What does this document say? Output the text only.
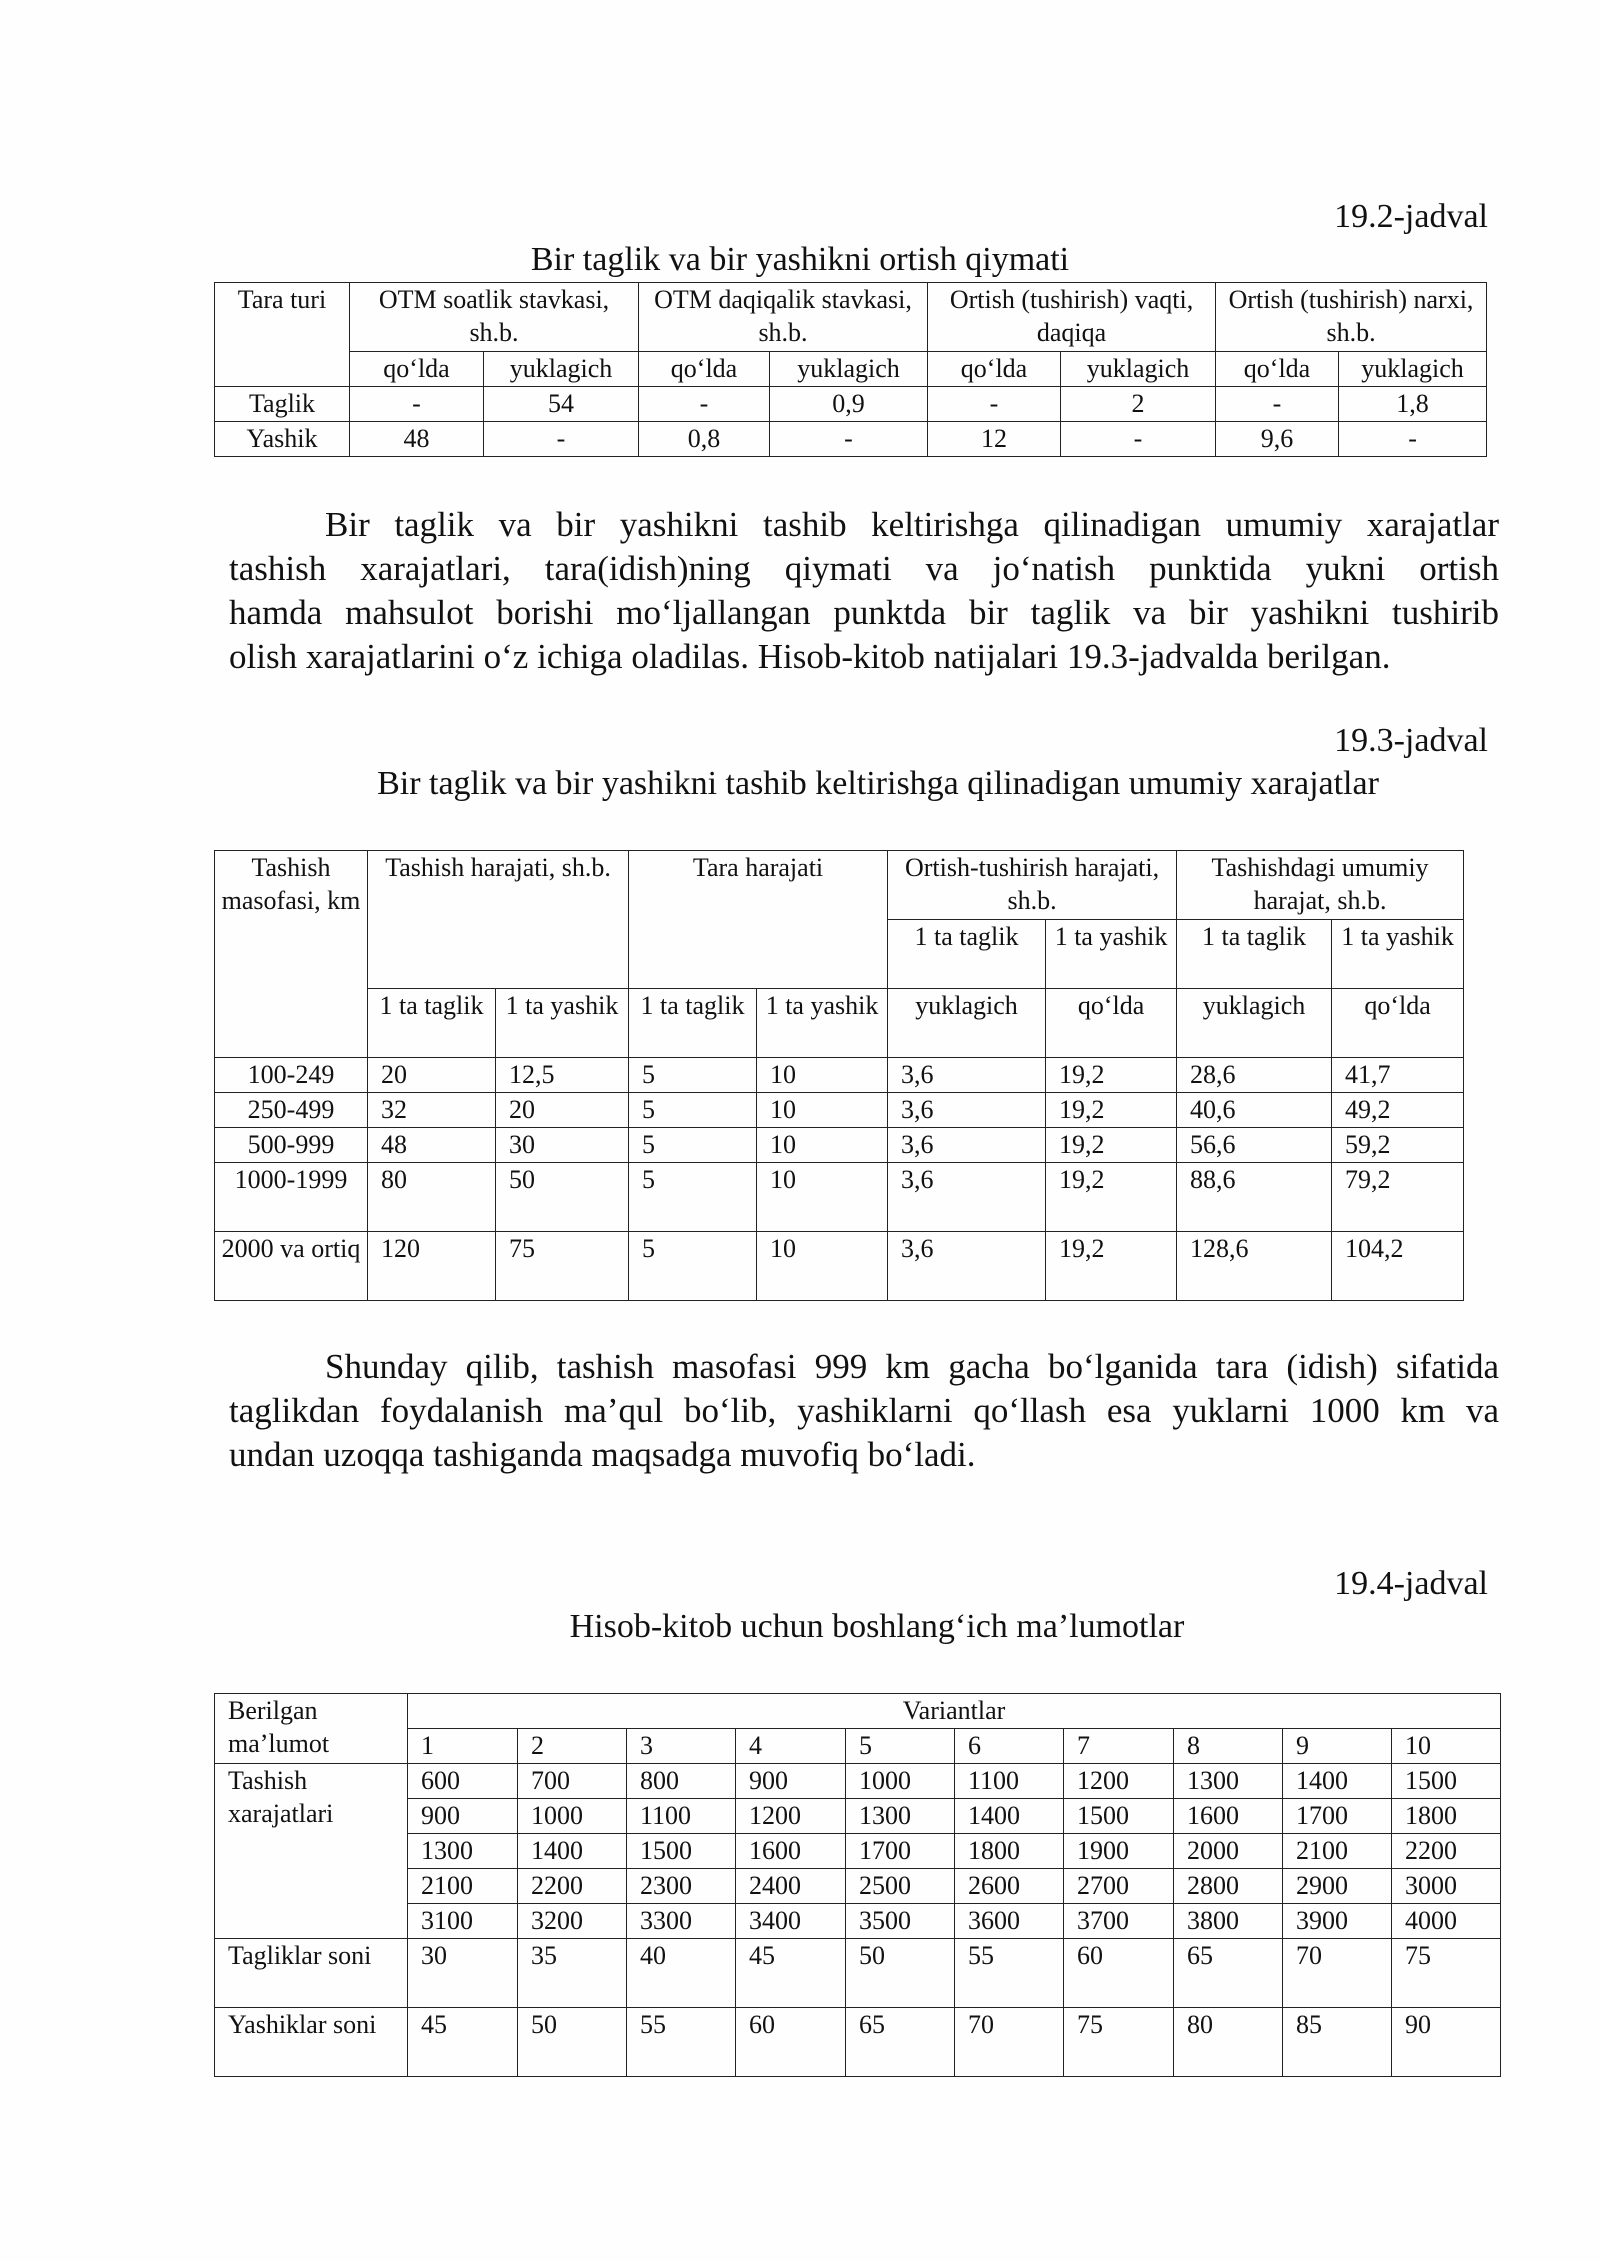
19.2-jadval
Bir taglik va bir yashikni ortish qiymati
Tara turi	OTM soatlik stavkasi, sh.b.		OTM daqiqalik stavkasi, sh.b.		Ortish (tushirish) vaqti, daqiqa		Ortish (tushirish) narxi, sh.b.	
	qo‘lda	yuklagich	qo‘lda	yuklagich	qo‘lda	yuklagich	qo‘lda	yuklagich
Taglik	-	54	-	0,9	-	2	-	1,8
Yashik	48	-	0,8	-	12	-	9,6	-
Bir taglik va bir yashikni tashib keltirishga qilinadigan umumiy xarajatlar
tashish xarajatlari, tara(idish)ning qiymati va jo‘natish punktida yukni ortish
hamda mahsulot borishi mo‘ljallangan punktda bir taglik va bir yashikni tushirib
olish xarajatlarini o‘z ichiga oladilas. Hisob-kitob natijalari 19.3-jadvalda berilgan.
19.3-jadval
Bir taglik va bir yashikni tashib keltirishga qilinadigan umumiy xarajatlar
Tashish masofasi, km	Tashish harajati, sh.b.		Tara harajati		Ortish-tushirish harajati, sh.b.		Tashishdagi umumiy harajat, sh.b.	
					1 ta taglik	1 ta yashik	1 ta taglik	1 ta yashik
	1 ta taglik	1 ta yashik	1 ta taglik	1 ta yashik	yuklagich	qo‘lda	yuklagich	qo‘lda
100-249	20	12,5	5	10	3,6	19,2	28,6	41,7
250-499	32	20	5	10	3,6	19,2	40,6	49,2
500-999	48	30	5	10	3,6	19,2	56,6	59,2
1000-1999	80	50	5	10	3,6	19,2	88,6	79,2
2000 va ortiq	120	75	5	10	3,6	19,2	128,6	104,2
Shunday qilib, tashish masofasi 999 km gacha bo‘lganida tara (idish) sifatida
taglikdan foydalanish ma’qul bo‘lib, yashiklarni qo‘llash esa yuklarni 1000 km va
undan uzoqqa tashiganda maqsadga muvofiq bo‘ladi.
19.4-jadval
Hisob-kitob uchun boshlang‘ich ma’lumotlar
Berilgan ma’lumot	Variantlar									
	1	2	3	4	5	6	7	8	9	10
Tashish xarajatlari	600	700	800	900	1000	1100	1200	1300	1400	1500
	900	1000	1100	1200	1300	1400	1500	1600	1700	1800
	1300	1400	1500	1600	1700	1800	1900	2000	2100	2200
	2100	2200	2300	2400	2500	2600	2700	2800	2900	3000
	3100	3200	3300	3400	3500	3600	3700	3800	3900	4000
Tagliklar soni	30	35	40	45	50	55	60	65	70	75
Yashiklar soni	45	50	55	60	65	70	75	80	85	90
